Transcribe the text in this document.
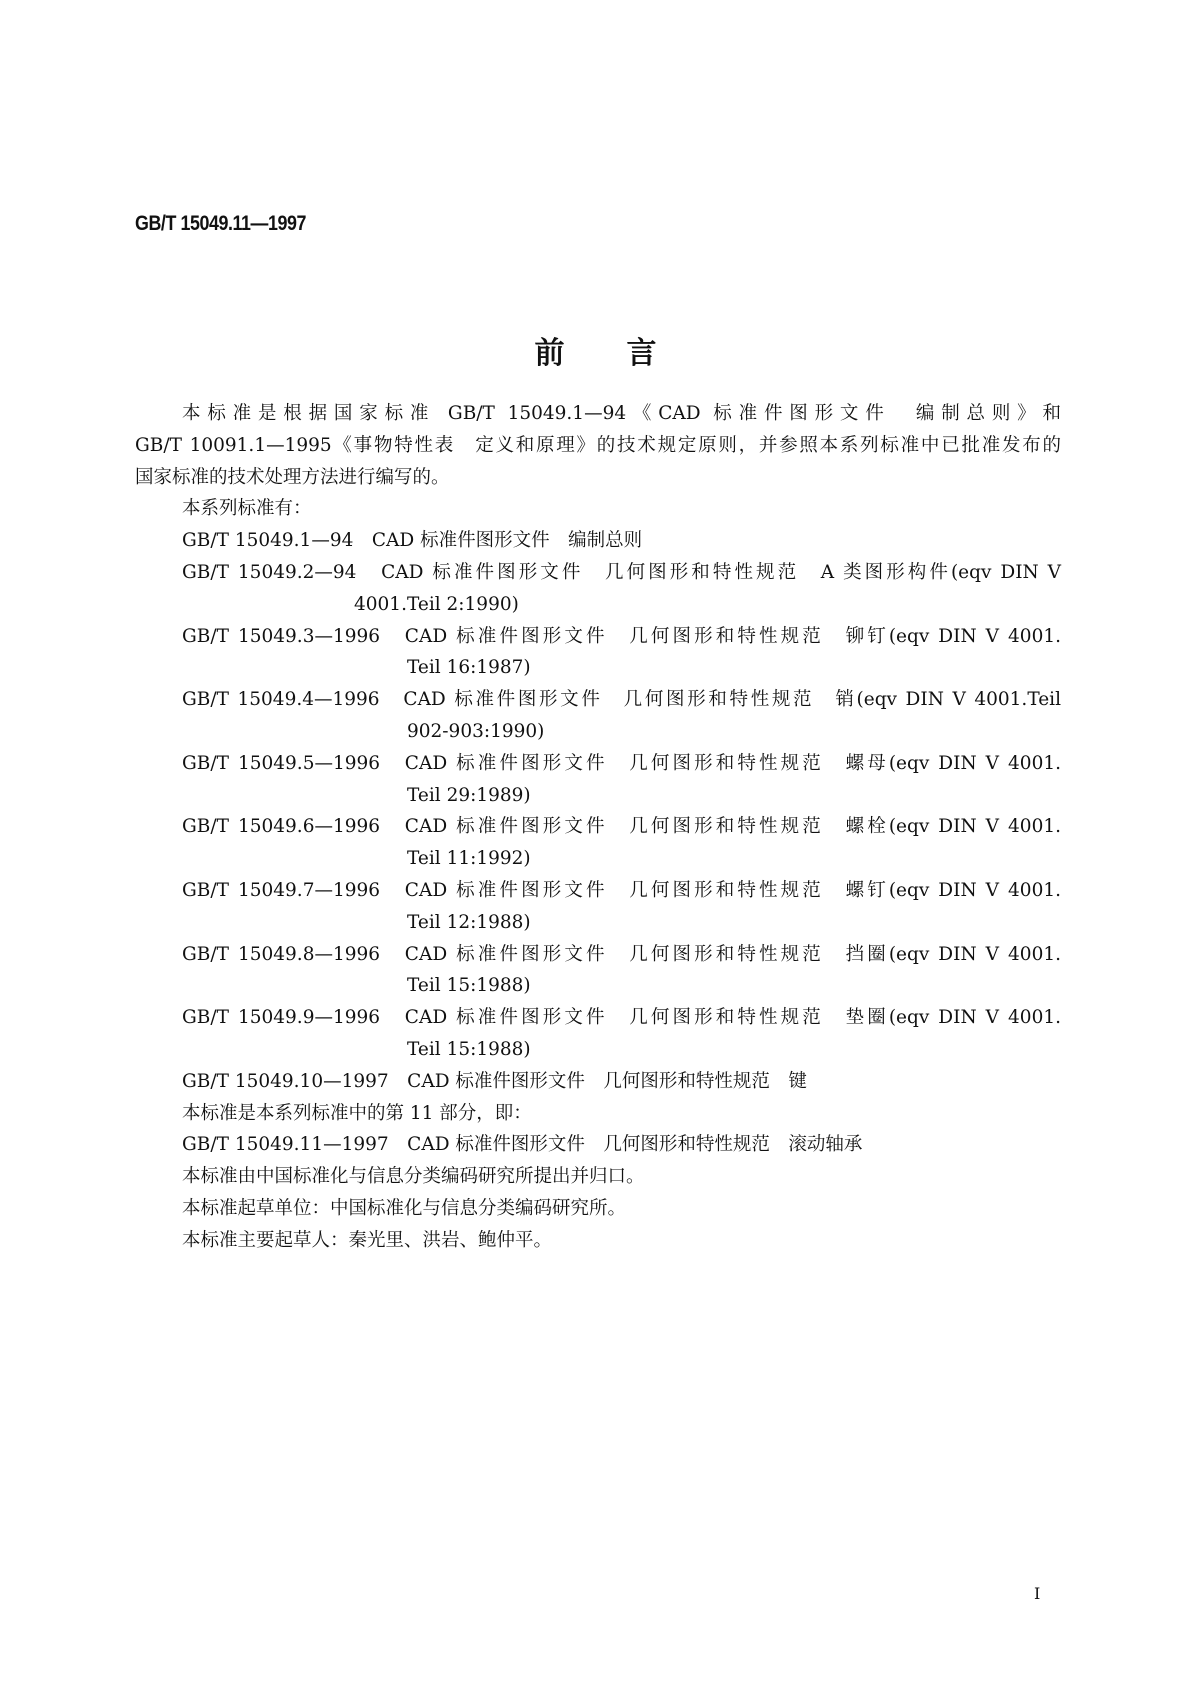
GB/T 15049.11—1997
前言
本标准是根据国家标准 GB/T 15049.1—94《CAD 标准件图形文件　编制总则》和
GB/T 10091.1—1995《事物特性表　定义和原理》的技术规定原则，并参照本系列标准中已批准发布的
国家标准的技术处理方法进行编写的。
本系列标准有：
GB/T 15049.1—94　CAD 标准件图形文件　编制总则
GB/T 15049.2—94　CAD 标准件图形文件　几何图形和特性规范　A 类图形构件(eqv DIN V
4001.Teil 2:1990)
GB/T 15049.3—1996　CAD 标准件图形文件　几何图形和特性规范　铆钉(eqv DIN V 4001.
Teil 16:1987)
GB/T 15049.4—1996　CAD 标准件图形文件　几何图形和特性规范　销(eqv DIN V 4001.Teil
902-903:1990)
GB/T 15049.5—1996　CAD 标准件图形文件　几何图形和特性规范　螺母(eqv DIN V 4001.
Teil 29:1989)
GB/T 15049.6—1996　CAD 标准件图形文件　几何图形和特性规范　螺栓(eqv DIN V 4001.
Teil 11:1992)
GB/T 15049.7—1996　CAD 标准件图形文件　几何图形和特性规范　螺钉(eqv DIN V 4001.
Teil 12:1988)
GB/T 15049.8—1996　CAD 标准件图形文件　几何图形和特性规范　挡圈(eqv DIN V 4001.
Teil 15:1988)
GB/T 15049.9—1996　CAD 标准件图形文件　几何图形和特性规范　垫圈(eqv DIN V 4001.
Teil 15:1988)
GB/T 15049.10—1997　CAD 标准件图形文件　几何图形和特性规范　键
本标准是本系列标准中的第 11 部分，即：
GB/T 15049.11—1997　CAD 标准件图形文件　几何图形和特性规范　滚动轴承
本标准由中国标准化与信息分类编码研究所提出并归口。
本标准起草单位：中国标准化与信息分类编码研究所。
本标准主要起草人：秦光里、洪岩、鲍仲平。
I
